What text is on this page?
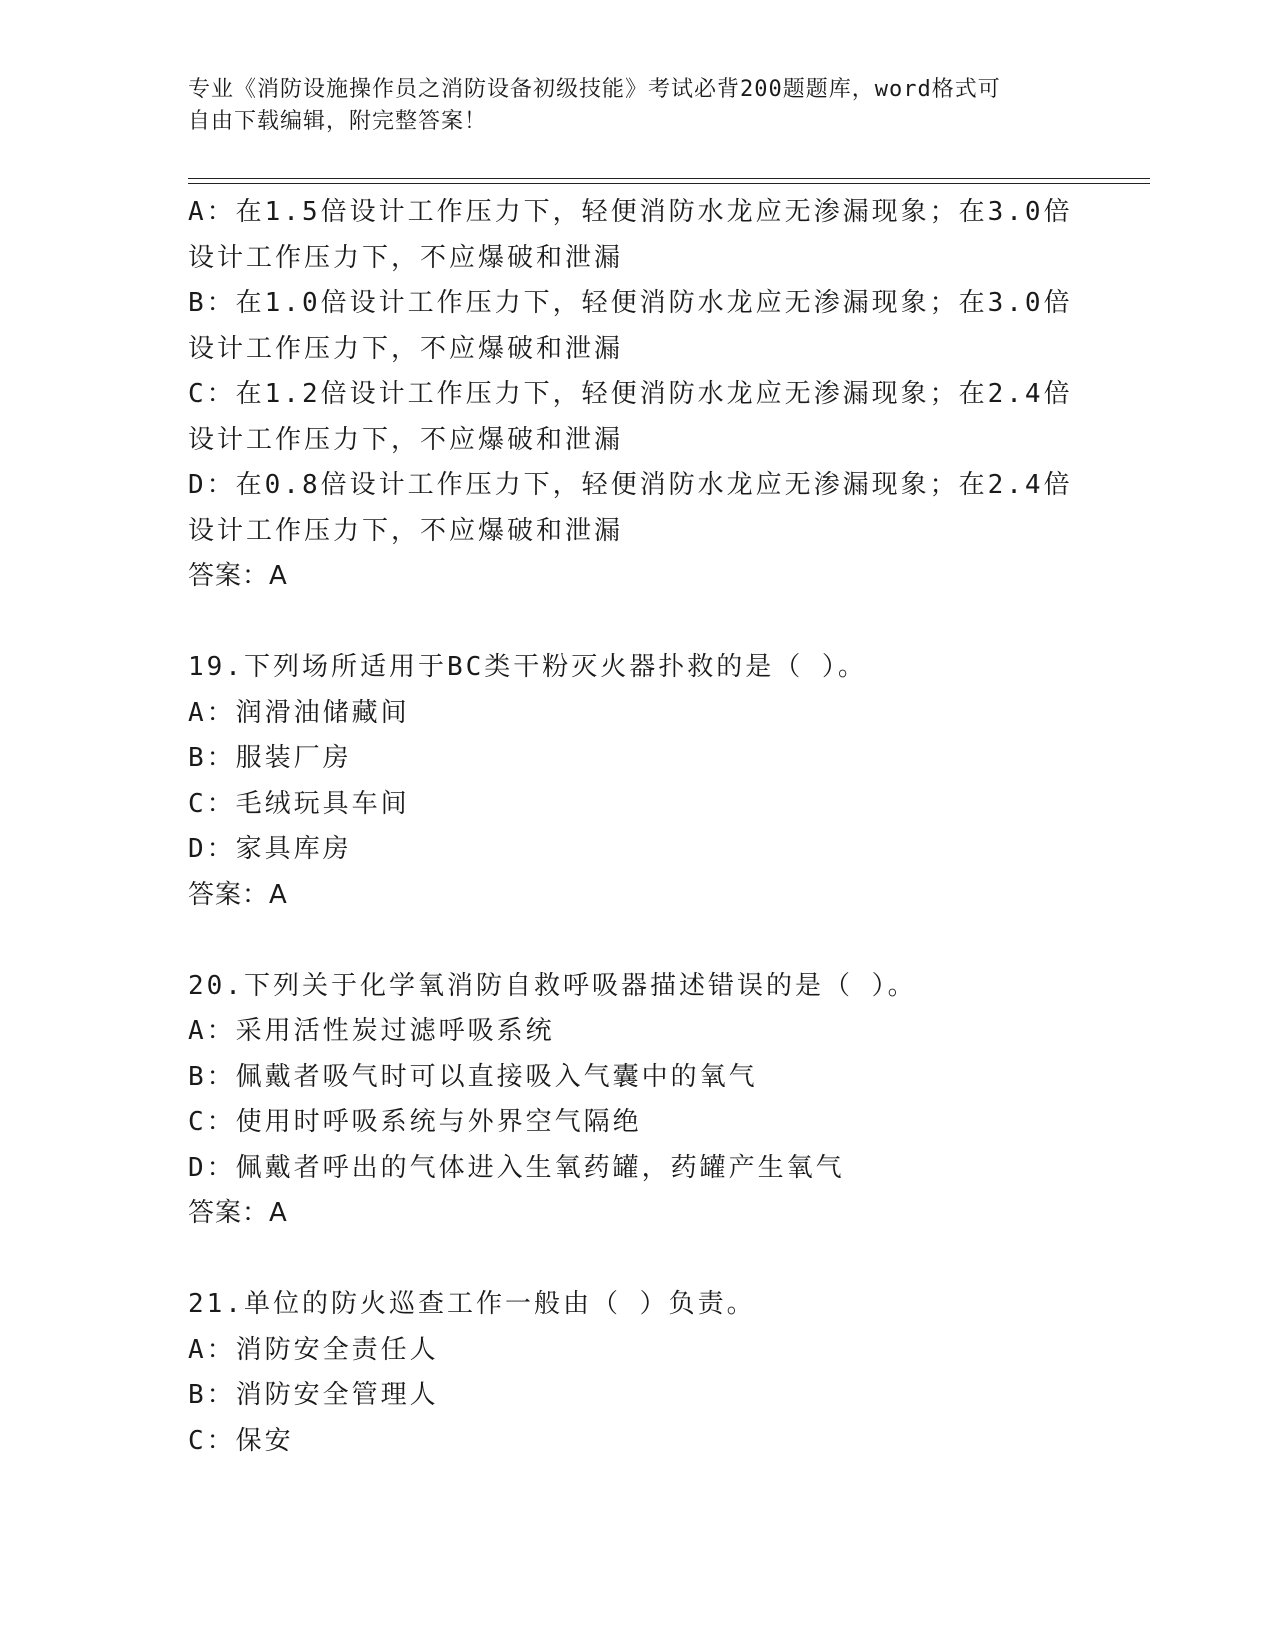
专业《消防设施操作员之消防设备初级技能》考试必背200题题库，word格式可
自由下载编辑，附完整答案！
A：在1.5倍设计工作压力下，轻便消防水龙应无渗漏现象；在3.0倍
设计工作压力下，不应爆破和泄漏
B：在1.0倍设计工作压力下，轻便消防水龙应无渗漏现象；在3.0倍
设计工作压力下，不应爆破和泄漏
C：在1.2倍设计工作压力下，轻便消防水龙应无渗漏现象；在2.4倍
设计工作压力下，不应爆破和泄漏
D：在0.8倍设计工作压力下，轻便消防水龙应无渗漏现象；在2.4倍
设计工作压力下，不应爆破和泄漏
答案：A
19.下列场所适用于BC类干粉灭火器扑救的是（ ）。
A：润滑油储藏间
B：服装厂房
C：毛绒玩具车间
D：家具库房
答案：A
20.下列关于化学氧消防自救呼吸器描述错误的是（ ）。
A：采用活性炭过滤呼吸系统
B：佩戴者吸气时可以直接吸入气囊中的氧气
C：使用时呼吸系统与外界空气隔绝
D：佩戴者呼出的气体进入生氧药罐，药罐产生氧气
答案：A
21.单位的防火巡查工作一般由（ ）负责。
A：消防安全责任人
B：消防安全管理人
C：保安
